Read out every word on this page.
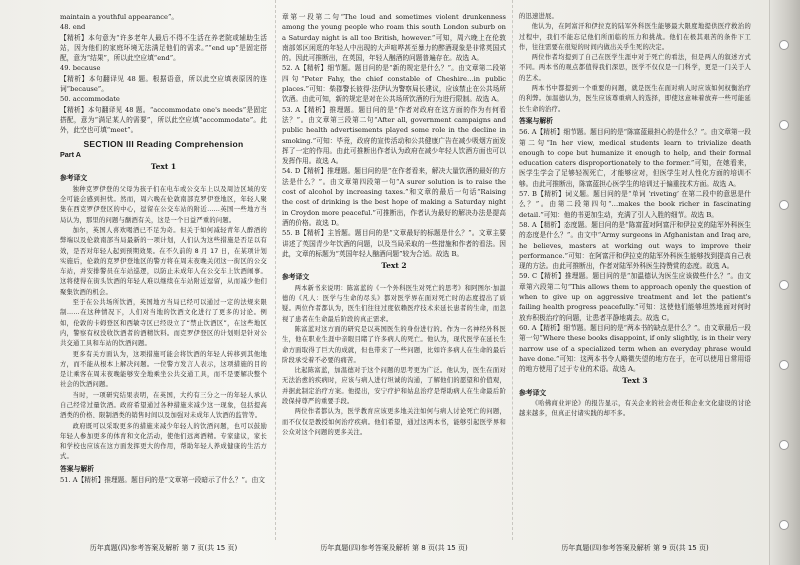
maintain a youthful appearance”。

48. end

【精析】本句意为“许多老年人最后不得不生活在养老院或辅助生活站，因为他们的家庭环境无法满足他们的需求。”“end up”是固定搭配，意为“结果”，所以此空应填“end”。

49. because

【精析】本句翻译见 48 题。根据语意，所以此空应填表原因的连词“because”。

50. accommodate

【精析】本句翻译见 48 题。“accommodate one's needs”是固定搭配，意为“满足某人的需要”，所以此空应填“accommodate”。此外，此空也可填“meet”。

SECTION III Reading Comprehension
Part A
Text 1
参考译文

独种克罗伊登的父母为孩子们在电车或公交车上以及周边区域的安全可能会感到担忧。然而，周六晚在伦敦南部克罗伊登地区，年轻人聚集在西克罗伊登区的中心，逗留在公交车站的附近……英国一些地方当局认为，那里的问题与酗酒有关，这是一个日益严重的问题。

加尔，英国人喜欢喝酒已不足为奇。但关于如何减轻青年人醉酒的弊端以及伦敦南部当局最新的一项计划，人们认为这些措施是否足以有效，是否对年轻人起到预期效果。在不久前的 8 月 17 日，在某项计划实施后，伦敦的克罗伊登地区的警方将在周末夜晚关闭这一街区的公交车站，并安排警员在车站巡逻，以防止未成年人在公交车上饮酒闹事。这将使得在街头饮酒的年轻人难以继续在车站附近逗留，从而减少他们聚集饮酒的机会。

至于在公共场所饮酒，英国地方当局已经可以通过一定的法规来限制……在这种情况下，人们对当地的饮酒文化进行了更多的讨论。例如，伦敦的卡姆登区和西敏寺区已经设立了“禁止饮酒区”，在这些地区内，警察有权没收饮酒者的酒精饮料。而克罗伊登区的计划则是针对公共交通工具和车站的饮酒问题。

更多有关方面认为，这项措施可能会将饮酒的年轻人转移到其他地方，而不能从根本上解决问题。一位警方发言人表示，这项措施的目的是让乘客在周末夜晚能够安全地乘坐公共交通工具，而不是要解决整个社会的饮酒问题。

当时，一项研究结果表明，在英国，大约有三分之一的年轻人承认自己经常过量饮酒。政府希望通过各种措施来减少这一现象，包括提高酒类的价格、限制酒类的销售时间以及加强对未成年人饮酒的监管等。

政府既可以采取更多的措施来减少年轻人的饮酒问题，也可以鼓励年轻人参加更多的体育和文化活动，使他们远离酒精。专家建议，家长和学校也应该在这方面发挥更大的作用，帮助年轻人养成健康的生活方式。

答案与解析

51. A【精析】推理题。题目问的是“文章第一段暗示了什么？”。由文

章第一段第二句“The loud and sometimes violent drunkenness among the young people who roam this south London suburb on a Saturday night is all too British, however.”可知，周六晚上在伦敦南部郊区闲逛的年轻人中出现的大声喧哗甚至暴力的醉酒现象是非常英国式的。因此可推断出，在英国，年轻人酗酒的问题普遍存在。故选 A。

52. A【精析】细节题。题目问的是“新的规定是什么？”。由文章第二段第四句“Peter Fahy, the chief constable of Cheshire…in public places.”可知：柴郡警长彼得·法伊认为警察局长建议，应该禁止在公共场所饮酒。由此可知，新的规定是对在公共场所饮酒的行为进行限制。故选 A。

53. A【精析】推理题。题目问的是“作者对政府在这方面的作为有何看法？”。由文章第三段第二句“After all, government campaigns and public health advertisements played some role in the decline in smoking.”可知：毕竟，政府的宣传活动和公共健康广告在减少吸烟方面发挥了一定的作用。由此可推断出作者认为政府在减少年轻人饮酒方面也可以发挥作用。故选 A。

54. D【精析】推理题。题目问的是“在作者看来，解决大量饮酒的最好的方法是什么？”。由文章第四段第一句“A surer solution is to raise the cost of alcohol by increasing taxes.”和文章的最后一句话“Raising the cost of drinking is the best hope of making a Saturday night in Croydon more peaceful.”可推断出，作者认为最好的解决办法是提高酒的价格。故选 D。

55. B【精析】主旨题。题目问的是“文章最好的标题是什么？”。文章主要讲述了英国青少年饮酒的问题，以及当局采取的一些措施和作者的看法。因此，文章的标题为“英国年轻人酗酒问题”较为合适。故选 B。

Text 2
参考译文

两本新书来说明：陈富蓝的《一个外科医生对死亡的思考》和阿图尔·加温德的《凡人：医学与生命的尽头》都对医学界在面对死亡时的态度提出了质疑。两位作者都认为，医生们往往过度依赖医疗技术来延长患者的生命，而忽视了患者在生命最后阶段的真正需求。

陈富蓝对这方面的研究是以英国医生的身份进行的。作为一名神经外科医生，他在职业生涯中亲眼目睹了许多病人的死亡。他认为，现代医学在延长生命方面取得了巨大的成就，但也带来了一些问题，比如许多病人在生命的最后阶段承受着不必要的痛苦。

比起陈富蓝，加温德对于这个问题的思考更为广泛。他认为，医生在面对无法治愈的疾病时，应该与病人进行坦诚的沟通，了解他们的愿望和价值观，并据此制定治疗方案。他提出，安宁疗护和姑息治疗是帮助病人在生命最后阶段保持尊严的重要手段。

两位作者都认为，医学教育应该更多地关注如何与病人讨论死亡的问题，而不仅仅是教授如何治疗疾病。他们希望，通过这两本书，能够引起医学界和公众对这个问题的更多关注。

的迅速进展。

他认为，在阿富汗和伊拉克的陆军外科医生能够最大限度地提供医疗救治的过程中，我们不能忘记他们所面临的压力和挑战。他们在极其艰苦的条件下工作，往往需要在很短的时间内做出关乎生死的决定。

两位作者均提到了自己在医学生涯中对于死亡的看法，但是两人的叙述方式不同。两本书的观点都值得我们深思，医学不仅仅是一门科学，更是一门关于人的艺术。

两本书中都提到一个重要的问题，就是医生在面对病人时应该如何权衡治疗的利弊。加温德认为，医生应该尊重病人的选择，即使这意味着放弃一些可能延长生命的治疗。

答案与解析

56. A【精析】细节题。题目问的是“陈富蓝最担心的是什么？”。由文章第一段第二句“In her view, medical students learn to trivialize death enough to cope but humanize it enough to help, and their formal education caters disproportionately to the former.”可知，在她看来，医学生学会了足够轻视死亡，才能够应对，但医学生对人性化方面的培训不够。由此可推断出，陈富蓝担心医学生的培训过于偏重技术方面。故选 A。

57. B【精析】词义题。题目问的是“单词 ‘riveting’ 在第二段中的意思是什么？”。由第二段第四句“…makes the book richer in fascinating detail.”可知：他的书更加生动，充满了引人入胜的细节。故选 B。

58. A【精析】态度题。题目问的是“陈富蓝对阿富汗和伊拉克的陆军外科医生的态度是什么？”。由文中“Army surgeons in Afghanistan and Iraq are, he believes, masters at working out ways to improve their performance.”可知：在阿富汗和伊拉克的陆军外科医生能够找到提高自己表现的方法。由此可推断出，作者对陆军外科医生持赞赏的态度。故选 A。

59. C【精析】推理题。题目问的是“加温德认为医生应该做些什么？”。由文章第六段第二句“This allows them to approach openly the question of when to give up on aggressive treatment and let the patient's failing health progress peacefully.”可知：这使他们能够坦然地面对何时放弃积极治疗的问题，让患者平静地离去。故选 C。

60. A【精析】细节题。题目问的是“两本书的缺点是什么？”。由文章最后一段第一句“Where these books disappoint, if only slightly, is in their very narrow use of a specialized term when an everyday phrase would have done.”可知：这两本书令人略微失望的地方在于，在可以使用日常用语的地方使用了过于专业的术语。故选 A。

Text 3
参考译文

《哈佛商业评论》的报告显示，有关企业的社会责任和企业文化建设的讨论越来越多，但真正付诸实践的却不多。

历年真题(四)参考答案及解析 第 7 页(共 15 页)	历年真题(四)参考答案及解析 第 8 页(共 15 页)	历年真题(四)参考答案及解析 第 9 页(共 15 页)
